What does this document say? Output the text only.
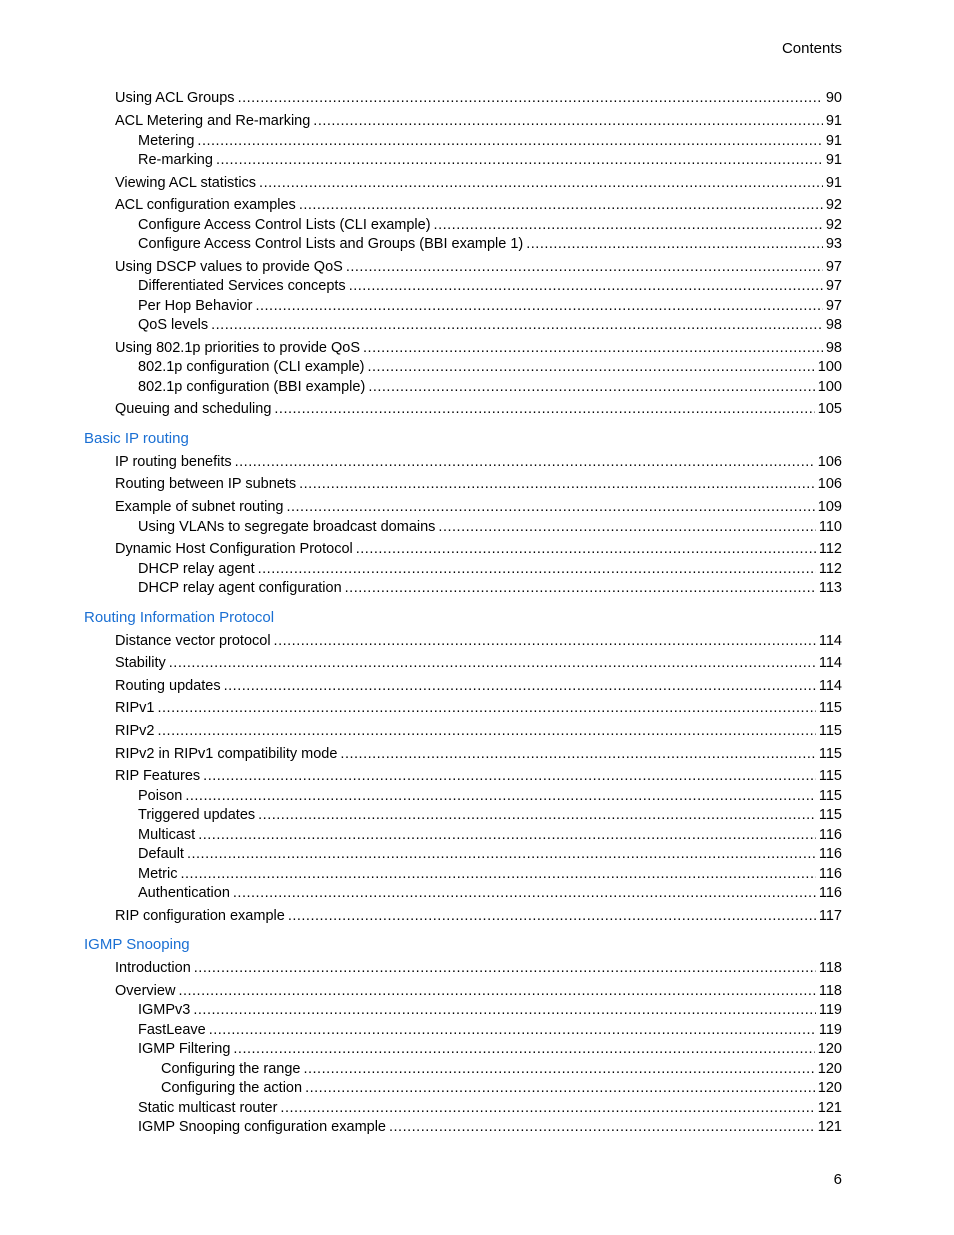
Contents
Using ACL Groups .....	90
ACL Metering and Re-marking .....	91
Metering .....	91
Re-marking .....	91
Viewing ACL statistics .....	91
ACL configuration examples .....	92
Configure Access Control Lists (CLI example) .....	92
Configure Access Control Lists and Groups (BBI example 1) .....	93
Using DSCP values to provide QoS .....	97
Differentiated Services concepts .....	97
Per Hop Behavior .....	97
QoS levels .....	98
Using 802.1p priorities to provide QoS .....	98
802.1p configuration (CLI example) .....	100
802.1p configuration (BBI example) .....	100
Queuing and scheduling .....	105
Basic IP routing
IP routing benefits .....	106
Routing between IP subnets .....	106
Example of subnet routing .....	109
Using VLANs to segregate broadcast domains .....	110
Dynamic Host Configuration Protocol .....	112
DHCP relay agent .....	112
DHCP relay agent configuration .....	113
Routing Information Protocol
Distance vector protocol .....	114
Stability .....	114
Routing updates .....	114
RIPv1 .....	115
RIPv2 .....	115
RIPv2 in RIPv1 compatibility mode .....	115
RIP Features .....	115
Poison .....	115
Triggered updates .....	115
Multicast .....	116
Default .....	116
Metric .....	116
Authentication .....	116
RIP configuration example .....	117
IGMP Snooping
Introduction .....	118
Overview .....	118
IGMPv3 .....	119
FastLeave .....	119
IGMP Filtering .....	120
Configuring the range .....	120
Configuring the action .....	120
Static multicast router .....	121
IGMP Snooping configuration example .....	121
6
